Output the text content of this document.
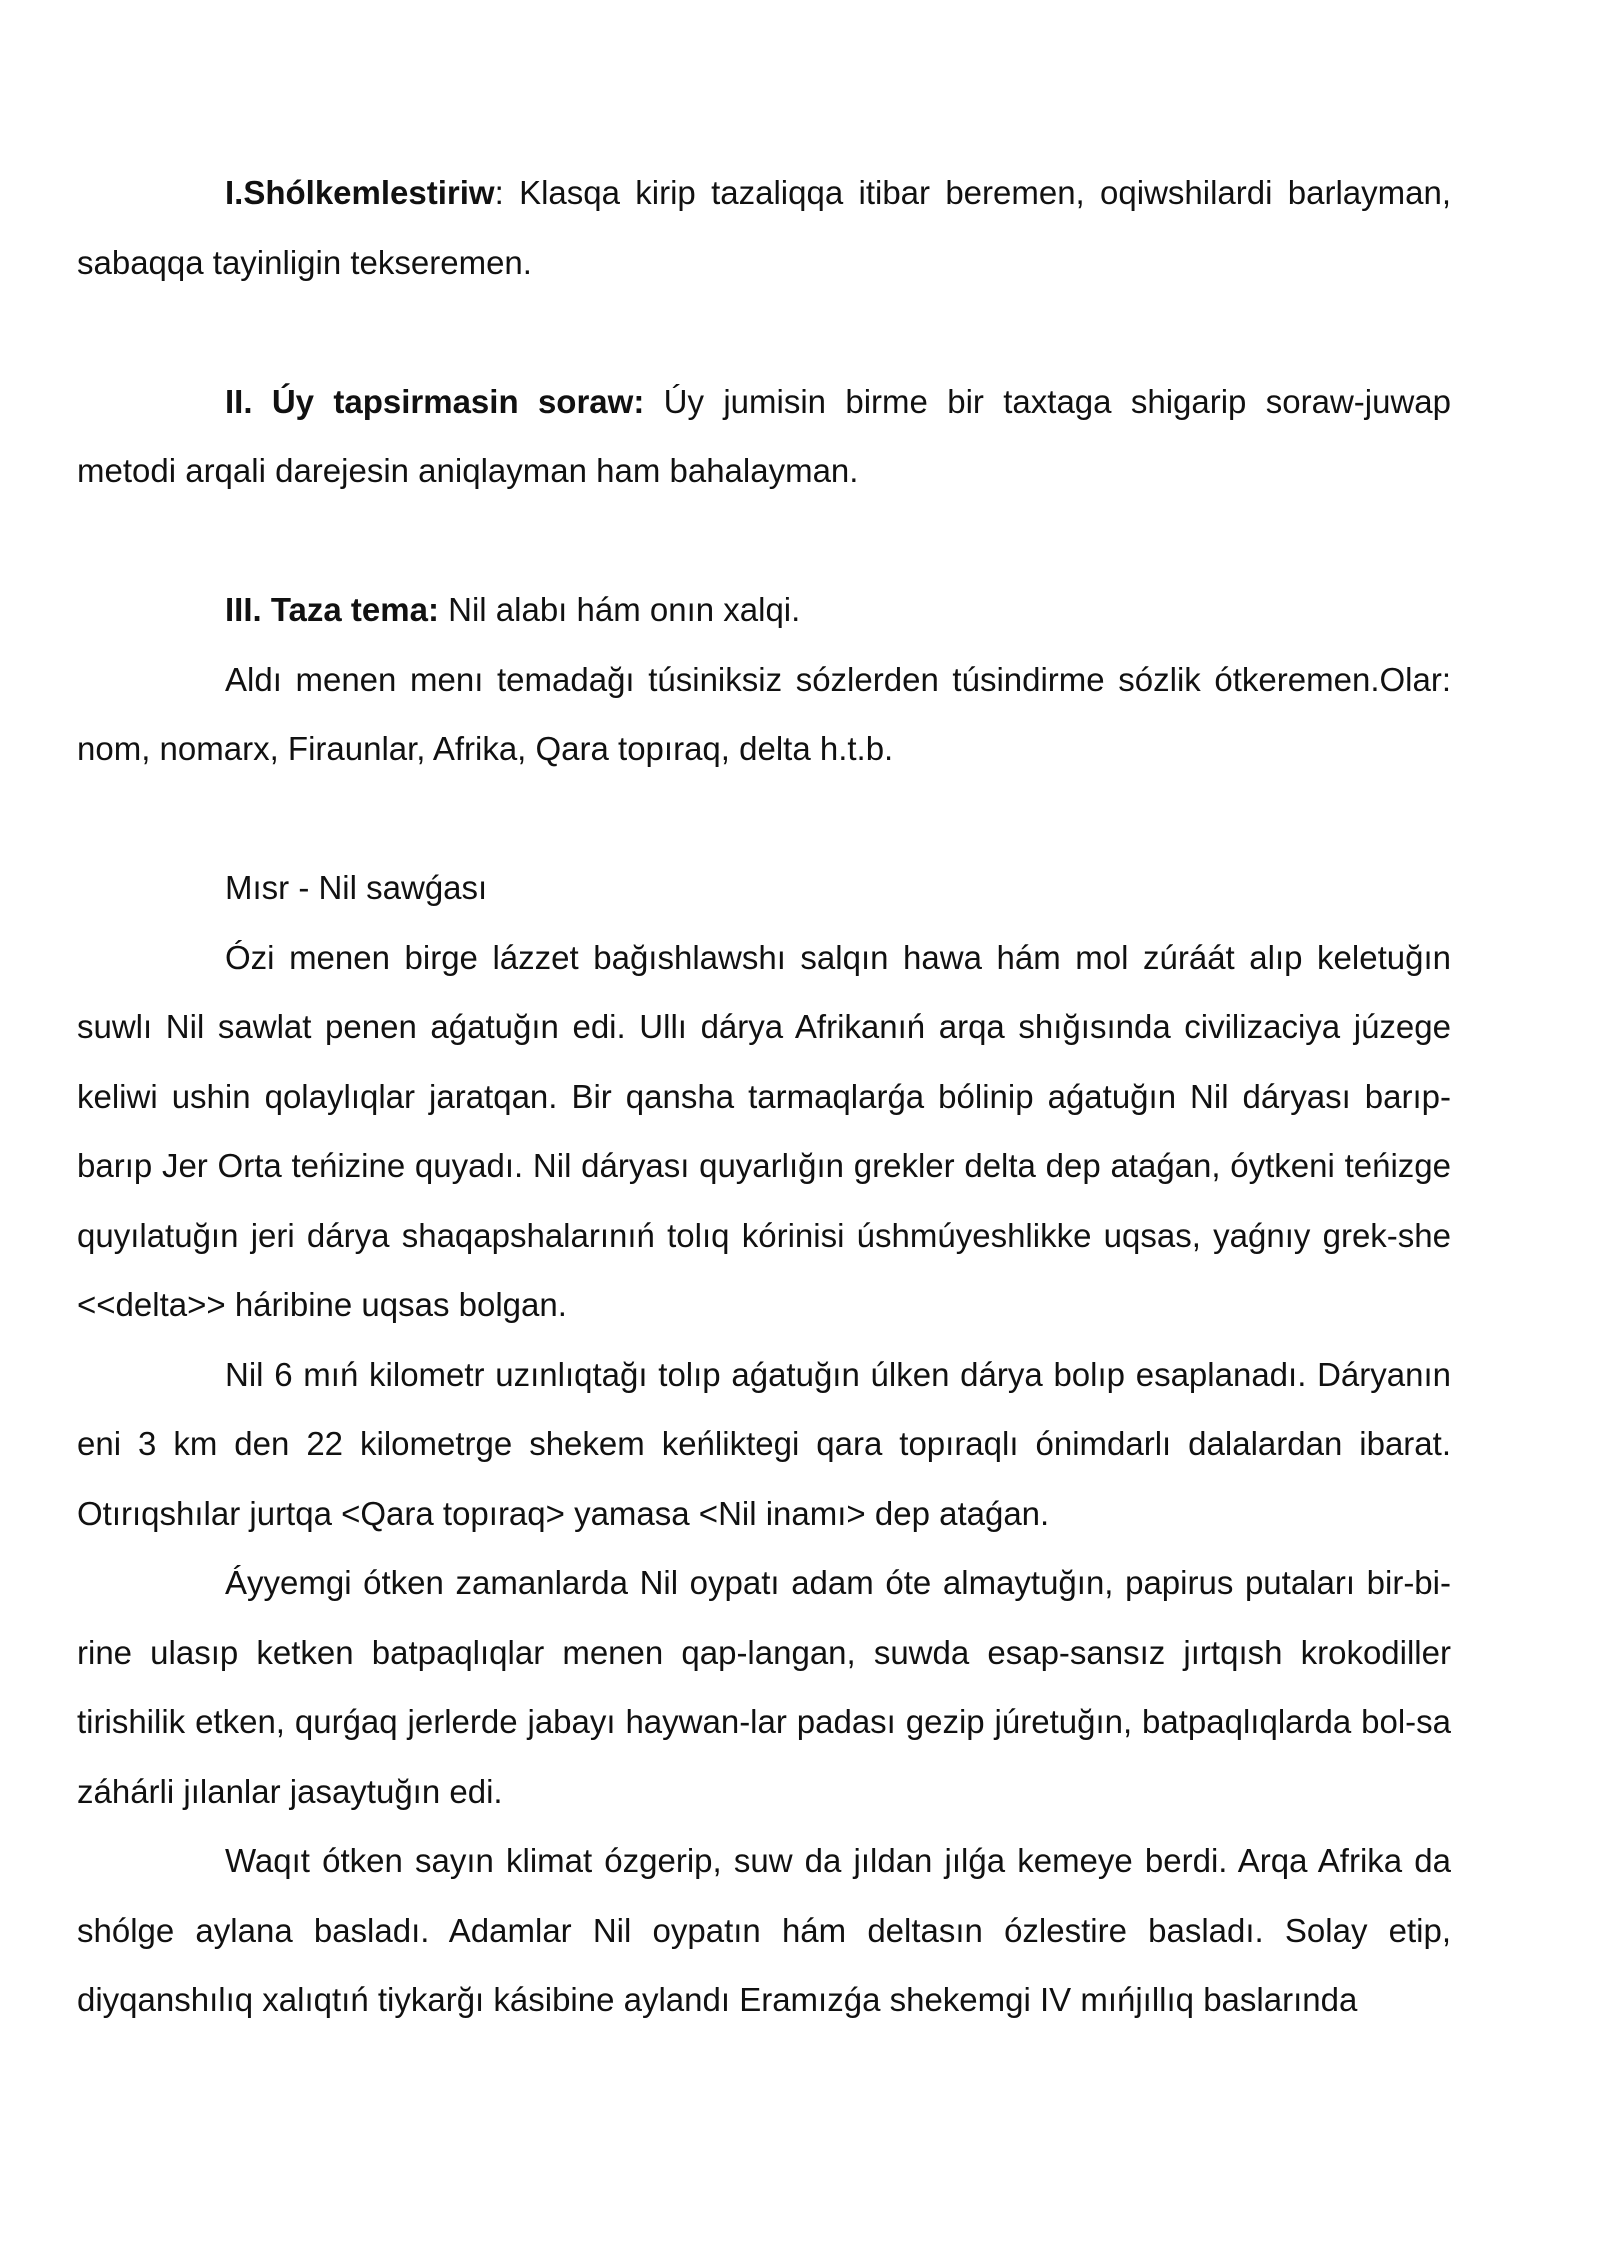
I.Shólkemlestiriw: Klasqa kirip tazaliqqa itibar beremen, oqiwshilardi barlayman, sabaqqa tayinligin tekseremen.

II. Úy tapsirmasin soraw: Úy jumisin birme bir taxtaga shigarip soraw-juwap metodi arqali darejesin aniqlayman ham bahalayman.

III. Taza tema: Nil alabı hám onın xalqi.

Aldı menen menı temadağı túsiniksiz sózlerden túsindirme sózlik ótkeremen.Olar: nom, nomarx, Firaunlar, Afrika, Qara topıraq, delta h.t.b.

Mısr - Nil sawǵası

Ózi menen birge lázzet bağıshlawshı salqın hawa hám mol zúráát alıp keletuğın suwlı Nil sawlat penen aǵatuğın edi. Ullı dárya Afrikanıń arqa shığısında civilizaciya júzege keliwi ushin qolaylıqlar jaratqan. Bir qansha tarmaqlarǵa bólinip aǵatuğın Nil dáryası barıp-barıp Jer Orta teńizine quyadı. Nil dáryası quyarlığın grekler delta dep ataǵan, óytkeni teńizge quyılatuğın jeri dárya shaqapshalarınıń tolıq kórinisi úshmúyeshlikke uqsas, yaǵnıy grek-she <<delta>> háribine uqsas bolgan.

Nil 6 mıń kilometr uzınlıqtağı tolıp aǵatuğın úlken dárya bolıp esaplanadı. Dáryanın eni 3 km den 22 kilometrge shekem keńliktegi qara topıraqlı ónimdarlı dalalardan ibarat. Otırıqshılar jurtqa <Qara topıraq> yamasa <Nil inamı> dep ataǵan.

Áyyemgi ótken zamanlarda Nil oypatı adam óte almaytuğın, papirus putaları bir-bi-rine ulasıp ketken batpaqlıqlar menen qap-langan, suwda esap-sansız jırtqısh krokodiller tirishilik etken, qurǵaq jerlerde jabayı haywan-lar padası gezip júretuğın, batpaqlıqlarda bol-sa záhárli jılanlar jasaytuğın edi.

Waqıt ótken sayın klimat ózgerip, suw da jıldan jılǵa kemeye berdi. Arqa Afrika da shólge aylana basladı. Adamlar Nil oypatın hám deltasın ózlestire basladı. Solay etip, diyqanshılıq xalıqtıń tiykarğı kásibine aylandı Eramızǵa shekemgi IV mıńjıllıq baslarında
